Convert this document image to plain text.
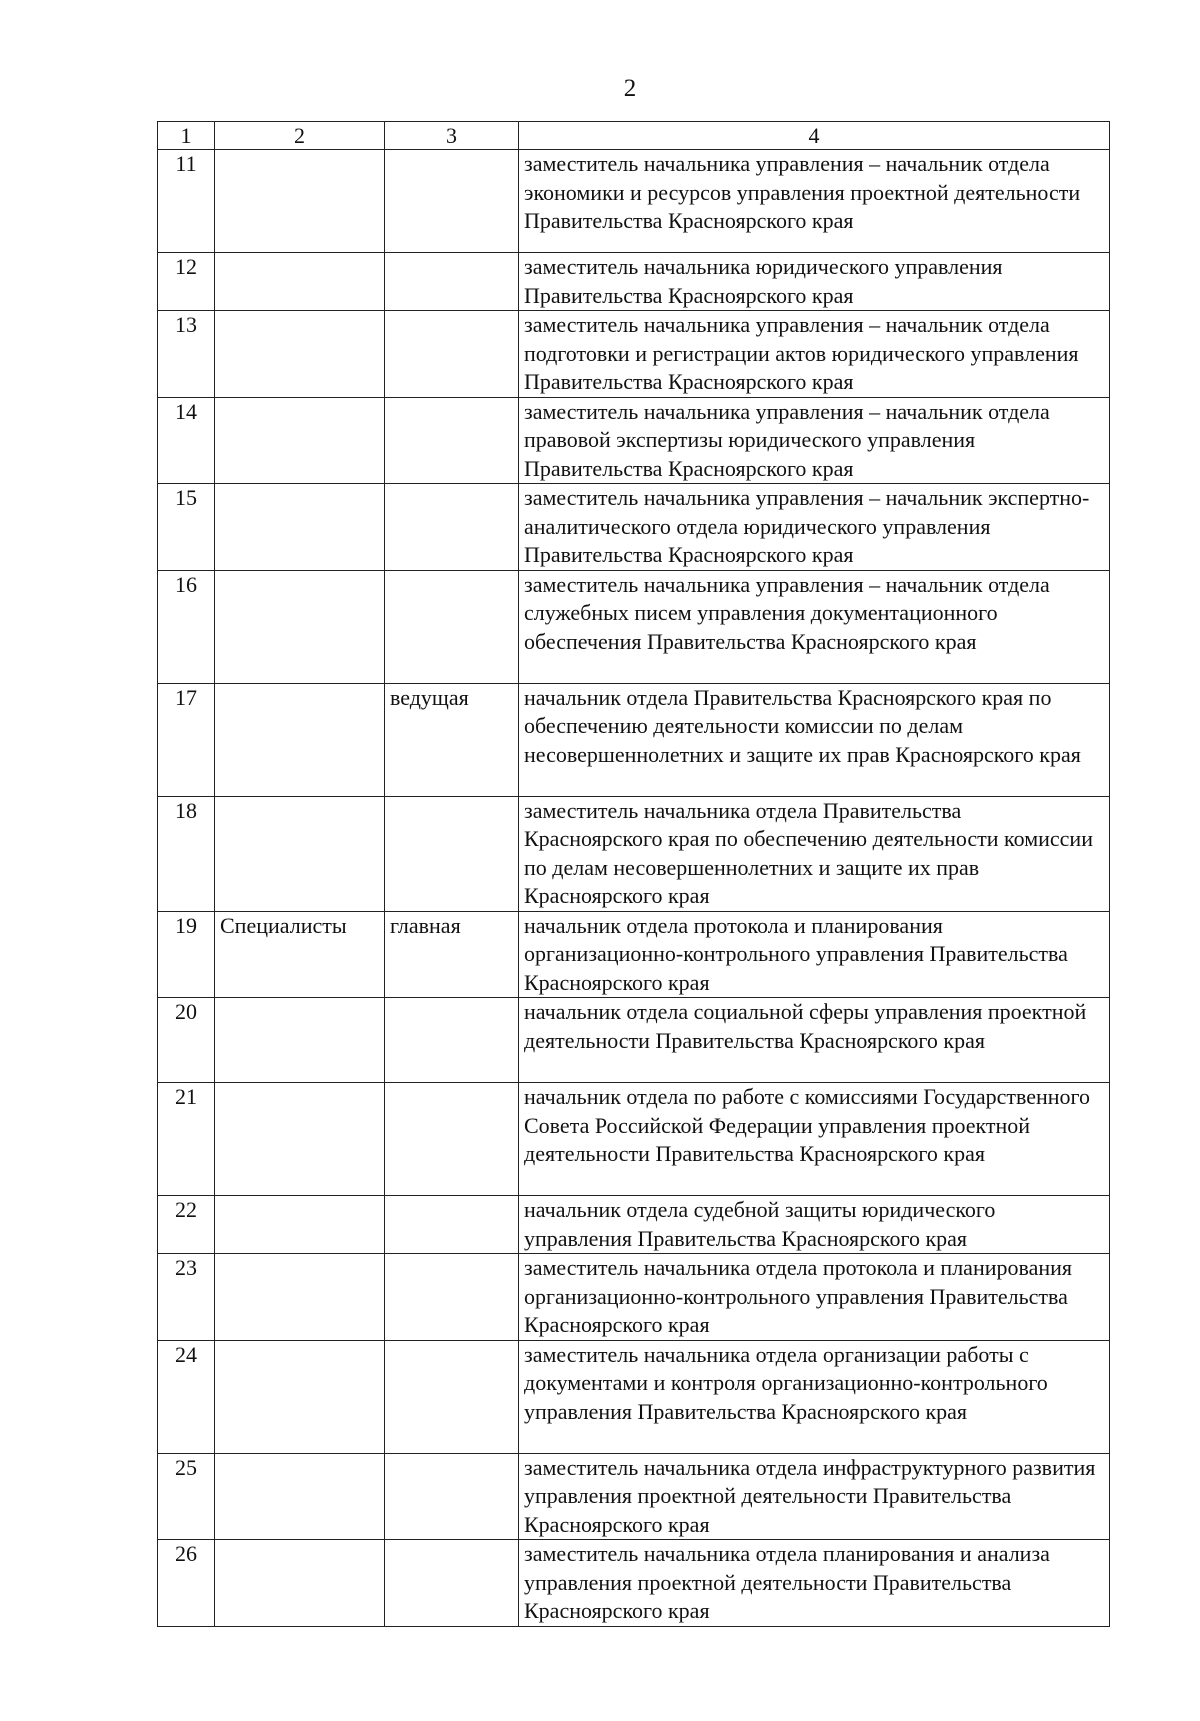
2
1	2	3	4
11			заместитель начальника управления – начальник отдела экономики и ресурсов управления проектной деятельности Правительства Красноярского края
12			заместитель начальника юридического управления Правительства Красноярского края
13			заместитель начальника управления – начальник отдела подготовки и регистрации актов юридического управления Правительства Красноярского края
14			заместитель начальника управления – начальник отдела правовой экспертизы юридического управления Правительства Красноярского края
15			заместитель начальника управления – начальник экспертно-аналитического отдела юридического управления Правительства Красноярского края
16			заместитель начальника управления – начальник отдела служебных писем управления документационного обеспечения Правительства Красноярского края
17		ведущая	начальник отдела Правительства Красноярского края по обеспечению деятельности комиссии по делам несовершеннолетних и защите их прав Красноярского края
18			заместитель начальника отдела Правительства Красноярского края по обеспечению деятельности комиссии по делам несовершеннолетних и защите их прав Красноярского края
19	Специалисты	главная	начальник отдела протокола и планирования организационно-контрольного управления Правительства Красноярского края
20			начальник отдела социальной сферы управления проектной деятельности Правительства Красноярского края
21			начальник отдела по работе с комиссиями Государственного Совета Российской Федерации управления проектной деятельности Правительства Красноярского края
22			начальник отдела судебной защиты юридического управления Правительства Красноярского края
23			заместитель начальника отдела протокола и планирования организационно-контрольного управления Правительства Красноярского края
24			заместитель начальника отдела организации работы с документами и контроля организационно-контрольного управления Правительства Красноярского края
25			заместитель начальника отдела инфраструктурного развития управления проектной деятельности Правительства Красноярского края
26			заместитель начальника отдела планирования и анализа управления проектной деятельности Правительства Красноярского края
